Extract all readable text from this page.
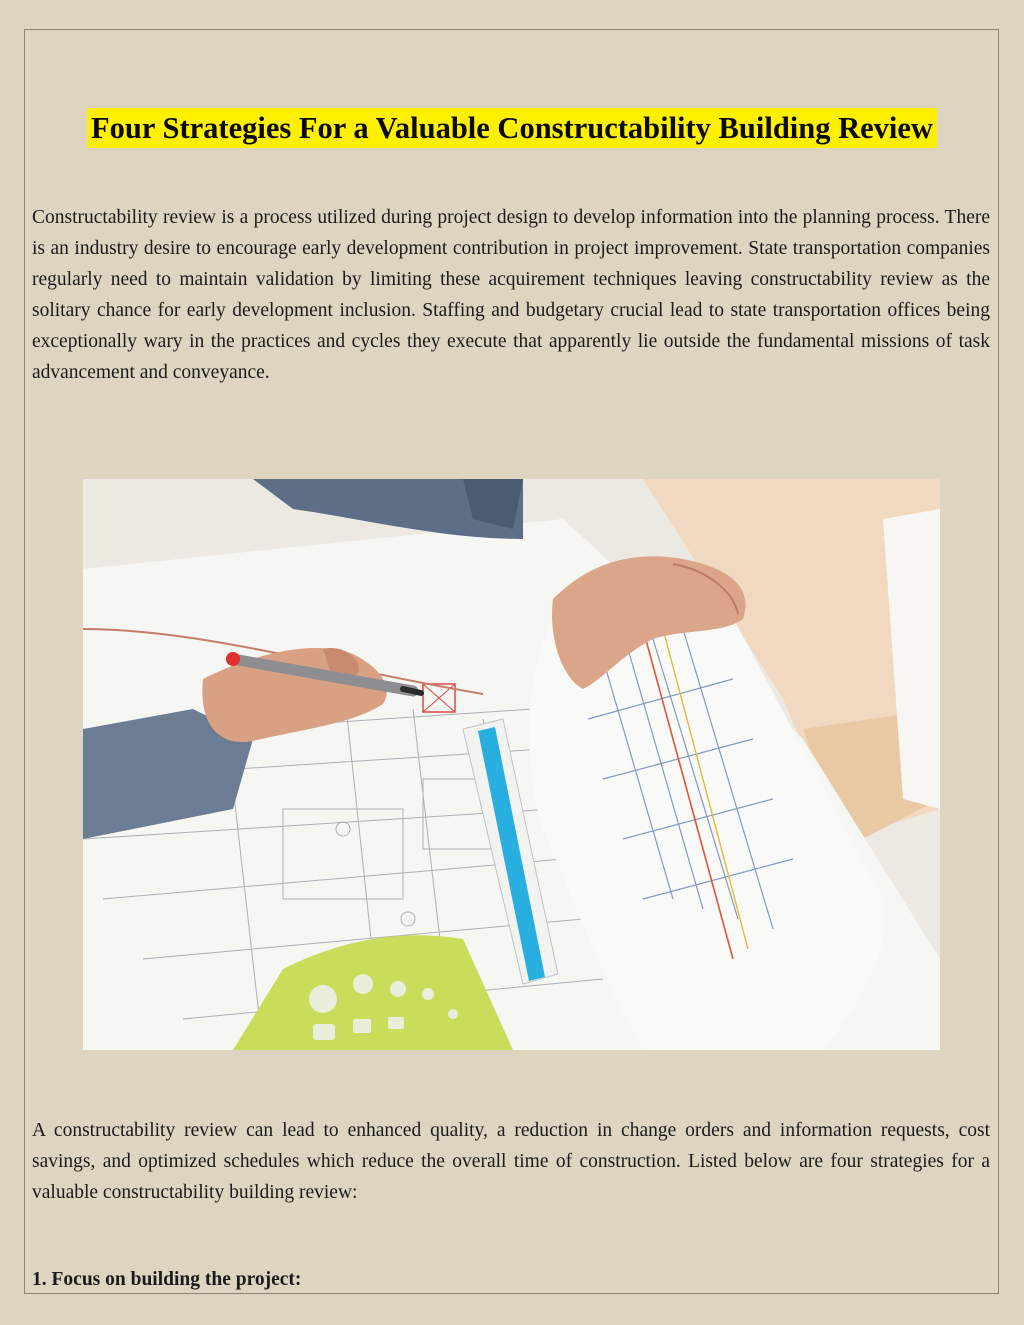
Four Strategies For a Valuable Constructability Building Review

Constructability review is a process utilized during project design to develop information into the planning process. There is an industry desire to encourage early development contribution in project improvement. State transportation companies regularly need to maintain validation by limiting these acquirement techniques leaving constructability review as the solitary chance for early development inclusion. Staffing and budgetary crucial lead to state transportation offices being exceptionally wary in the practices and cycles they execute that apparently lie outside the fundamental missions of task advancement and conveyance.

A constructability review can lead to enhanced quality, a reduction in change orders and information requests, cost savings, and optimized schedules which reduce the overall time of construction. Listed below are four strategies for a valuable constructability building review:

1. Focus on building the project:
